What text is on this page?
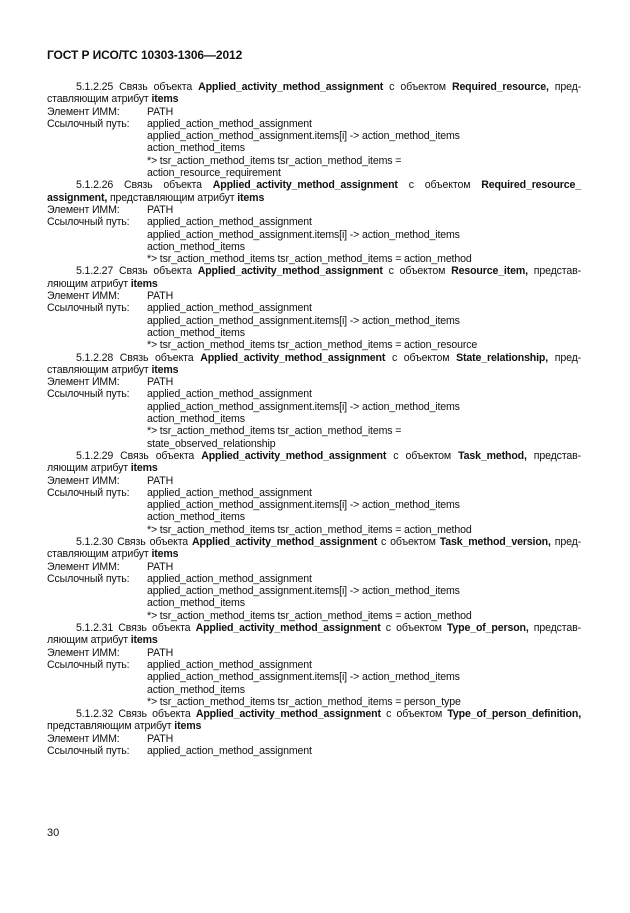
ГОСТ Р ИСО/ТС 10303-1306—2012
5.1.2.25 Связь объекта Applied_activity_method_assignment с объектом Required_resource, пред-ставляющим атрибут items
Элемент ИММ:	PATH
Ссылочный путь:	applied_action_method_assignment
applied_action_method_assignment.items[i] -> action_method_items
action_method_items
*> tsr_action_method_items tsr_action_method_items =
action_resource_requirement
5.1.2.26 Связь объекта Applied_activity_method_assignment с объектом Required_resource_ assignment, представляющим атрибут items
Элемент ИММ:	PATH
Ссылочный путь:	applied_action_method_assignment
applied_action_method_assignment.items[i] -> action_method_items
action_method_items
*> tsr_action_method_items tsr_action_method_items = action_method
5.1.2.27 Связь объекта Applied_activity_method_assignment с объектом Resource_item, представ-ляющим атрибут items
Элемент ИММ:	PATH
Ссылочный путь:	applied_action_method_assignment
applied_action_method_assignment.items[i] -> action_method_items
action_method_items
*> tsr_action_method_items tsr_action_method_items = action_resource
5.1.2.28 Связь объекта Applied_activity_method_assignment с объектом State_relationship, пред-ставляющим атрибут items
Элемент ИММ:	PATH
Ссылочный путь:	applied_action_method_assignment
applied_action_method_assignment.items[i] -> action_method_items
action_method_items
*> tsr_action_method_items tsr_action_method_items =
state_observed_relationship
5.1.2.29 Связь объекта Applied_activity_method_assignment с объектом Task_method, представ-ляющим атрибут items
Элемент ИММ:	PATH
Ссылочный путь:	applied_action_method_assignment
applied_action_method_assignment.items[i] -> action_method_items
action_method_items
*> tsr_action_method_items tsr_action_method_items = action_method
5.1.2.30 Связь объекта Applied_activity_method_assignment с объектом Task_method_version, пред-ставляющим атрибут items
Элемент ИММ:	PATH
Ссылочный путь:	applied_action_method_assignment
applied_action_method_assignment.items[i] -> action_method_items
action_method_items
*> tsr_action_method_items tsr_action_method_items = action_method
5.1.2.31 Связь объекта Applied_activity_method_assignment с объектом Type_of_person, представ-ляющим атрибут items
Элемент ИММ:	PATH
Ссылочный путь:	applied_action_method_assignment
applied_action_method_assignment.items[i] -> action_method_items
action_method_items
*> tsr_action_method_items tsr_action_method_items = person_type
5.1.2.32 Связь объекта Applied_activity_method_assignment с объектом Type_of_person_definition, представляющим атрибут items
Элемент ИММ:	PATH
Ссылочный путь:	applied_action_method_assignment
30
